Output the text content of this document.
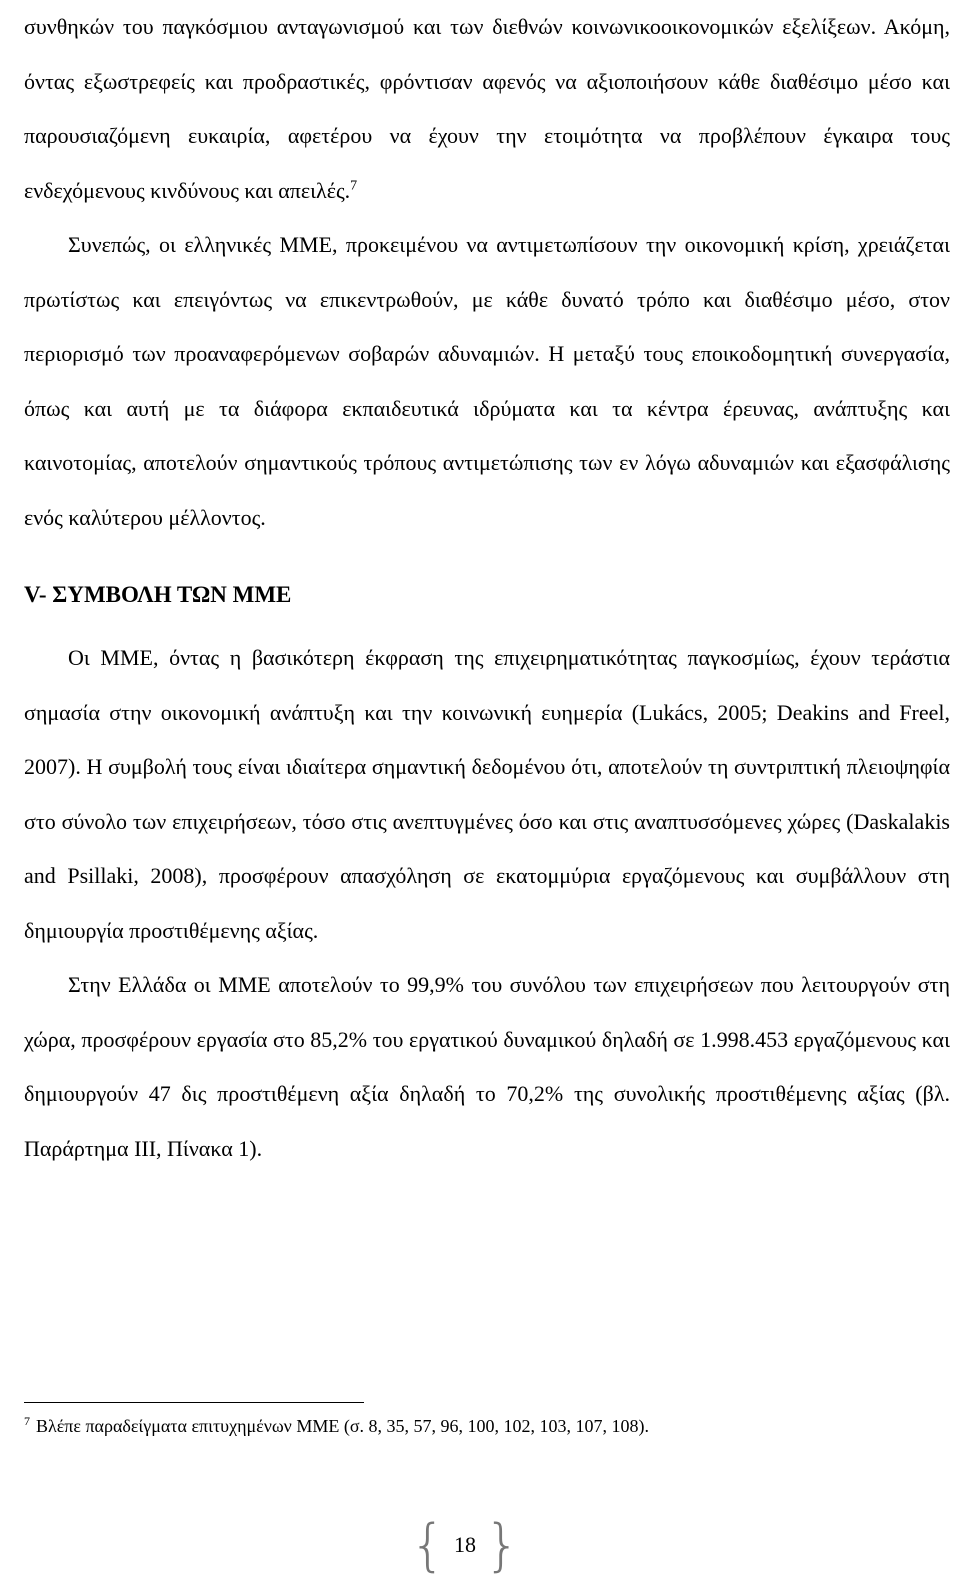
συνθηκών του παγκόσμιου ανταγωνισμού και των διεθνών κοινωνικοοικονομικών εξελίξεων. Ακόμη, όντας εξωστρεφείς και προδραστικές, φρόντισαν αφενός να αξιοποιήσουν κάθε διαθέσιμο μέσο και παρουσιαζόμενη ευκαιρία, αφετέρου να έχουν την ετοιμότητα να προβλέπουν έγκαιρα τους ενδεχόμενους κινδύνους και απειλές.$^7$

Συνεπώς, οι ελληνικές ΜΜΕ, προκειμένου να αντιμετωπίσουν την οικονομική κρίση, χρειάζεται πρωτίστως και επειγόντως να επικεντρωθούν, με κάθε δυνατό τρόπο και διαθέσιμο μέσο, στον περιορισμό των προαναφερόμενων σοβαρών αδυναμιών. Η μεταξύ τους εποικοδομητική συνεργασία, όπως και αυτή με τα διάφορα εκπαιδευτικά ιδρύματα και τα κέντρα έρευνας, ανάπτυξης και καινοτομίας, αποτελούν σημαντικούς τρόπους αντιμετώπισης των εν λόγω αδυναμιών και εξασφάλισης ενός καλύτερου μέλλοντος.

V- ΣΥΜΒΟΛΗ ΤΩΝ ΜΜΕ

Οι ΜΜΕ, όντας η βασικότερη έκφραση της επιχειρηματικότητας παγκοσμίως, έχουν τεράστια σημασία στην οικονομική ανάπτυξη και την κοινωνική ευημερία (Lukács, 2005; Deakins and Freel, 2007). Η συμβολή τους είναι ιδιαίτερα σημαντική δεδομένου ότι, αποτελούν τη συντριπτική πλειοψηφία στο σύνολο των επιχειρήσεων, τόσο στις ανεπτυγμένες όσο και στις αναπτυσσόμενες χώρες (Daskalakis and Psillaki, 2008), προσφέρουν απασχόληση σε εκατομμύρια εργαζόμενους και συμβάλλουν στη δημιουργία προστιθέμενης αξίας.

Στην Ελλάδα οι ΜΜΕ αποτελούν το 99,9% του συνόλου των επιχειρήσεων που λειτουργούν στη χώρα, προσφέρουν εργασία στο 85,2% του εργατικού δυναμικού δηλαδή σε 1.998.453 εργαζόμενους και δημιουργούν 47 δις προστιθέμενη αξία δηλαδή το 70,2% της συνολικής προστιθέμενης αξίας (βλ. Παράρτημα ΙΙΙ, Πίνακα 1).

$^7$ Βλέπε παραδείγματα επιτυχημένων ΜΜΕ (σ. 8, 35, 57, 96, 100, 102, 103, 107, 108).
{ 18 }
